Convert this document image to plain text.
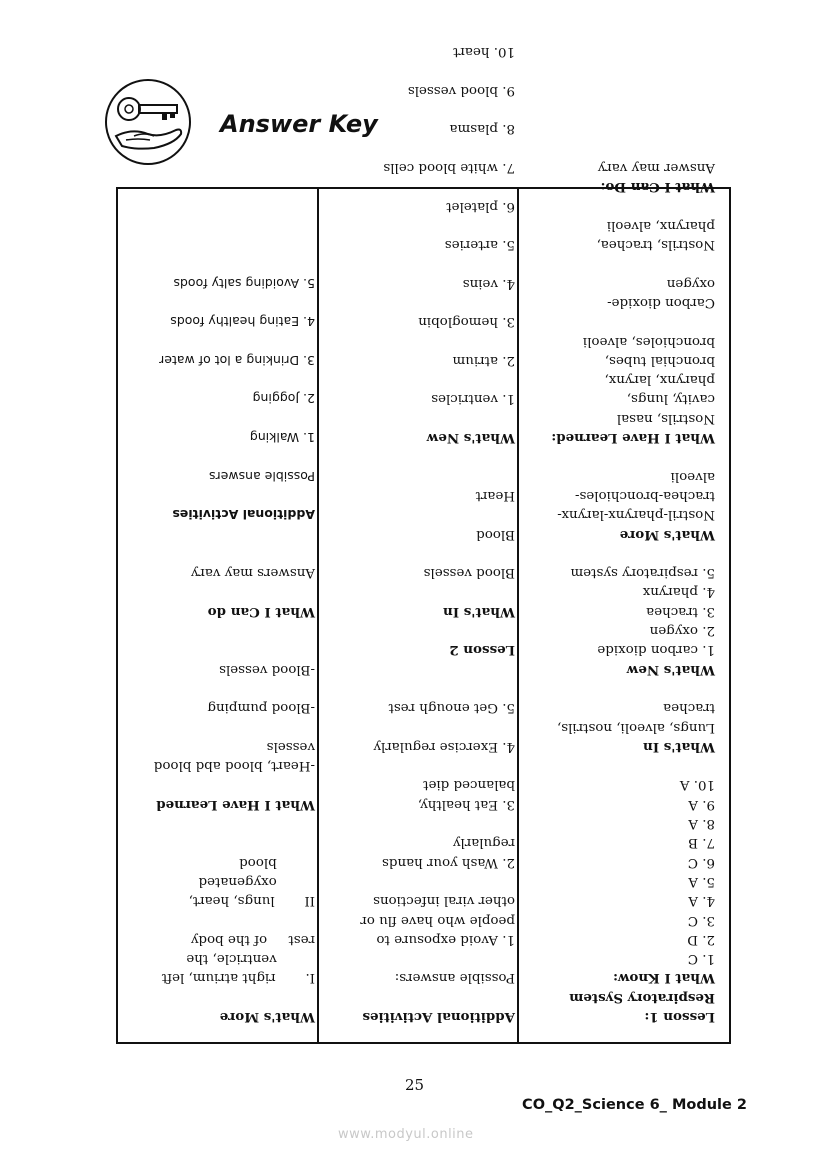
Answer Key

Lesson 1:

Respiratory System

What I Know:

1. C

2. D

3. C

4. A

5. A

6. C

7. B

8. A

9. A

10. A

What's In

Lungs, alveoli, nostrils,

trachea

What's New

1. carbon dioxide

2. oxygen

3. trachea

4. pharynx

5. respiratory system

What's More

Nostril-pharynx-larynx-

trachea-bronchioles-

alveoli

What I Have Learned:

Nostrils, nasal

cavity, lungs,

pharynx, larynx,

bronchial tubes,

bronchioles, alveoli

Carbon dioxide-

oxygen

Nostrils, trachea,

pharynx, alveoli

What I Can Do:

Answer may vary

Additional Activities

Possible answers:

1. Avoid exposure to

people who have flu or

other viral infections

2. Wash your hands

regularly

3. Eat healthy,

balanced diet

4. Exercise regularly

5. Get enough rest

Lesson 2

What's In

Blood vessels

Blood

Heart

What's New

1. ventricles

2. atrium

3. hemoglobin

4. veins

5. arteries

6. platelet

7. white blood cells

8. plasma

9. blood vessels

10. heart

What's More

I.       right atrium, left

ventricle, the

rest     of the body

II       lungs, heart,

oxygenated

blood

What I Have Learned

-Heart, blood abd blood

vessels

-Blood pumping

-Blood vessels

What I Can do

Answers may vary

Additional Activities

Possible answers

1. Walking

2. Jogging

3. Drinking a lot of water

4. Eating healthy foods

5. Avoiding salty foods

25
CO_Q2_Science 6_ Module 2
www.modyul.online
